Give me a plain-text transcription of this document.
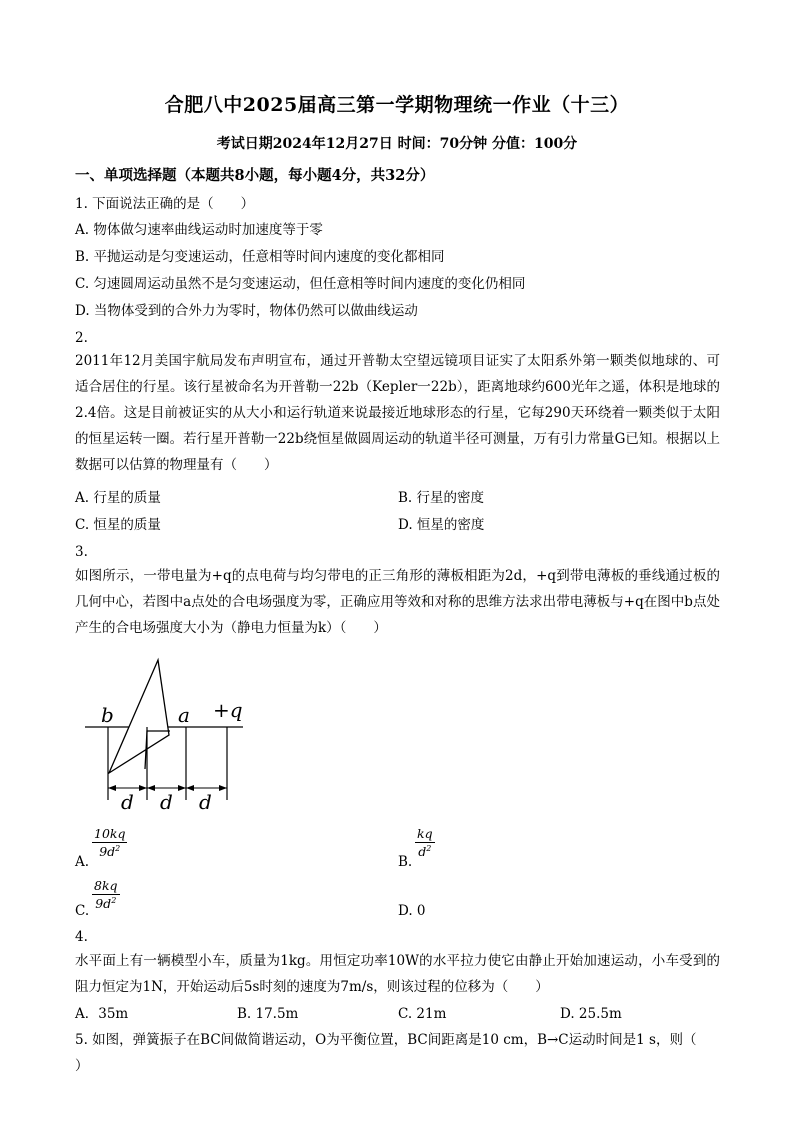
合肥八中2025届高三第一学期物理统一作业（十三）
考试日期2024年12月27日 时间：70分钟 分值：100分
一、单项选择题（本题共8小题，每小题4分，共32分）
1. 下面说法正确的是（　　）
A. 物体做匀速率曲线运动时加速度等于零
B. 平抛运动是匀变速运动，任意相等时间内速度的变化都相同
C. 匀速圆周运动虽然不是匀变速运动，但任意相等时间内速度的变化仍相同
D. 当物体受到的合外力为零时，物体仍然可以做曲线运动
2.
2011年12月美国宇航局发布声明宣布，通过开普勒太空望远镜项目证实了太阳系外第一颗类似地球的、可适合居住的行星。该行星被命名为开普勒一22b（Kepler一22b），距离地球约600光年之遥，体积是地球的2.4倍。这是目前被证实的从大小和运行轨道来说最接近地球形态的行星，它每290天环绕着一颗类似于太阳的恒星运转一圈。若行星开普勒一22b绕恒星做圆周运动的轨道半径可测量，万有引力常量G已知。根据以上数据可以估算的物理量有（　　）
A. 行星的质量	B. 行星的密度
C. 恒星的质量	D. 恒星的密度
3.
如图所示，一带电量为+q的点电荷与均匀带电的正三角形的薄板相距为2d，+q到带电薄板的垂线通过板的几何中心，若图中a点处的合电场强度为零，正确应用等效和对称的思维方法求出带电薄板与+q在图中b点处产生的合电场强度大小为（静电力恒量为k）（　　）
b	a +q
d d d
A.
$\frac{10kq}{9d^2}$
B.
$\frac{kq}{d^2}$
C. $\frac{8kq}{9d^2}$	D. 0
4.
水平面上有一辆模型小车，质量为1kg。用恒定功率10W的水平拉力使它由静止开始加速运动，小车受到的阻力恒定为1N，开始运动后5s时刻的速度为7m/s，则该过程的位移为（　　）
A．35m	B. 17.5m	C. 21m	D. 25.5m
5. 如图，弹簧振子在BC间做简谐运动，O为平衡位置，BC间距离是10 cm，B→C运动时间是1 s，则（
）
